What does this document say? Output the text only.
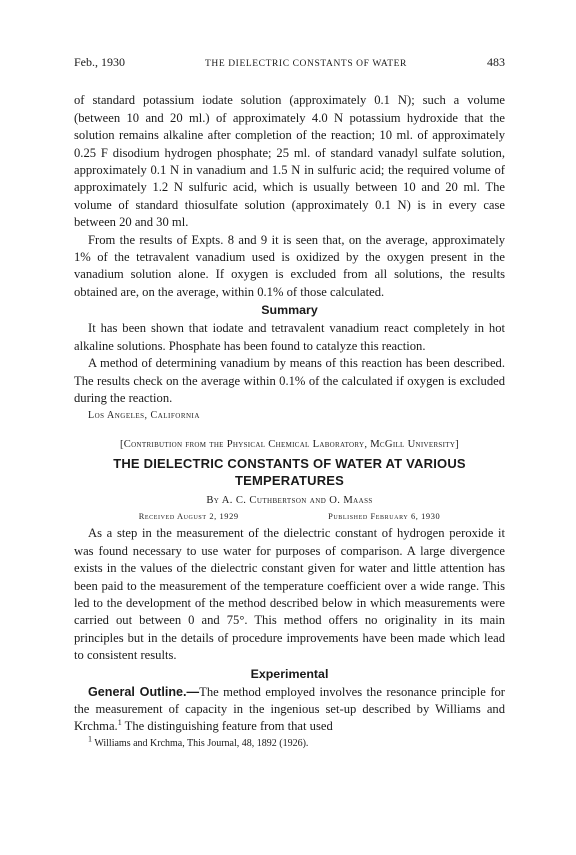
Feb., 1930	THE DIELECTRIC CONSTANTS OF WATER	483

of standard potassium iodate solution (approximately 0.1 N); such a volume (between 10 and 20 ml.) of approximately 4.0 N potassium hydroxide that the solution remains alkaline after completion of the reaction; 10 ml. of approximately 0.25 F disodium hydrogen phosphate; 25 ml. of standard vanadyl sulfate solution, approximately 0.1 N in vanadium and 1.5 N in sulfuric acid; the required volume of approximately 1.2 N sulfuric acid, which is usually between 10 and 20 ml. The volume of standard thiosulfate solution (approximately 0.1 N) is in every case between 20 and 30 ml.

From the results of Expts. 8 and 9 it is seen that, on the average, approximately 1% of the tetravalent vanadium used is oxidized by the oxygen present in the vanadium solution alone. If oxygen is excluded from all solutions, the results obtained are, on the average, within 0.1% of those calculated.

Summary

It has been shown that iodate and tetravalent vanadium react completely in hot alkaline solutions. Phosphate has been found to catalyze this reaction.

A method of determining vanadium by means of this reaction has been described. The results check on the average within 0.1% of the calculated if oxygen is excluded during the reaction.

Los Angeles, California
[Contribution from the Physical Chemical Laboratory, McGill University]
THE DIELECTRIC CONSTANTS OF WATER AT VARIOUS TEMPERATURES
By A. C. Cuthbertson and O. Maass
Received August 2, 1929	Published February 6, 1930

As a step in the measurement of the dielectric constant of hydrogen peroxide it was found necessary to use water for purposes of comparison. A large divergence exists in the values of the dielectric constant given for water and little attention has been paid to the measurement of the temperature coefficient over a wide range. This led to the development of the method described below in which measurements were carried out between 0 and 75°. This method offers no originality in its main principles but in the details of procedure improvements have been made which lead to consistent results.

Experimental

General Outline.—The method employed involves the resonance principle for the measurement of capacity in the ingenious set-up described by Williams and Krchma.$^1$ The distinguishing feature from that used

$^1$ Williams and Krchma, This Journal, 48, 1892 (1926).
